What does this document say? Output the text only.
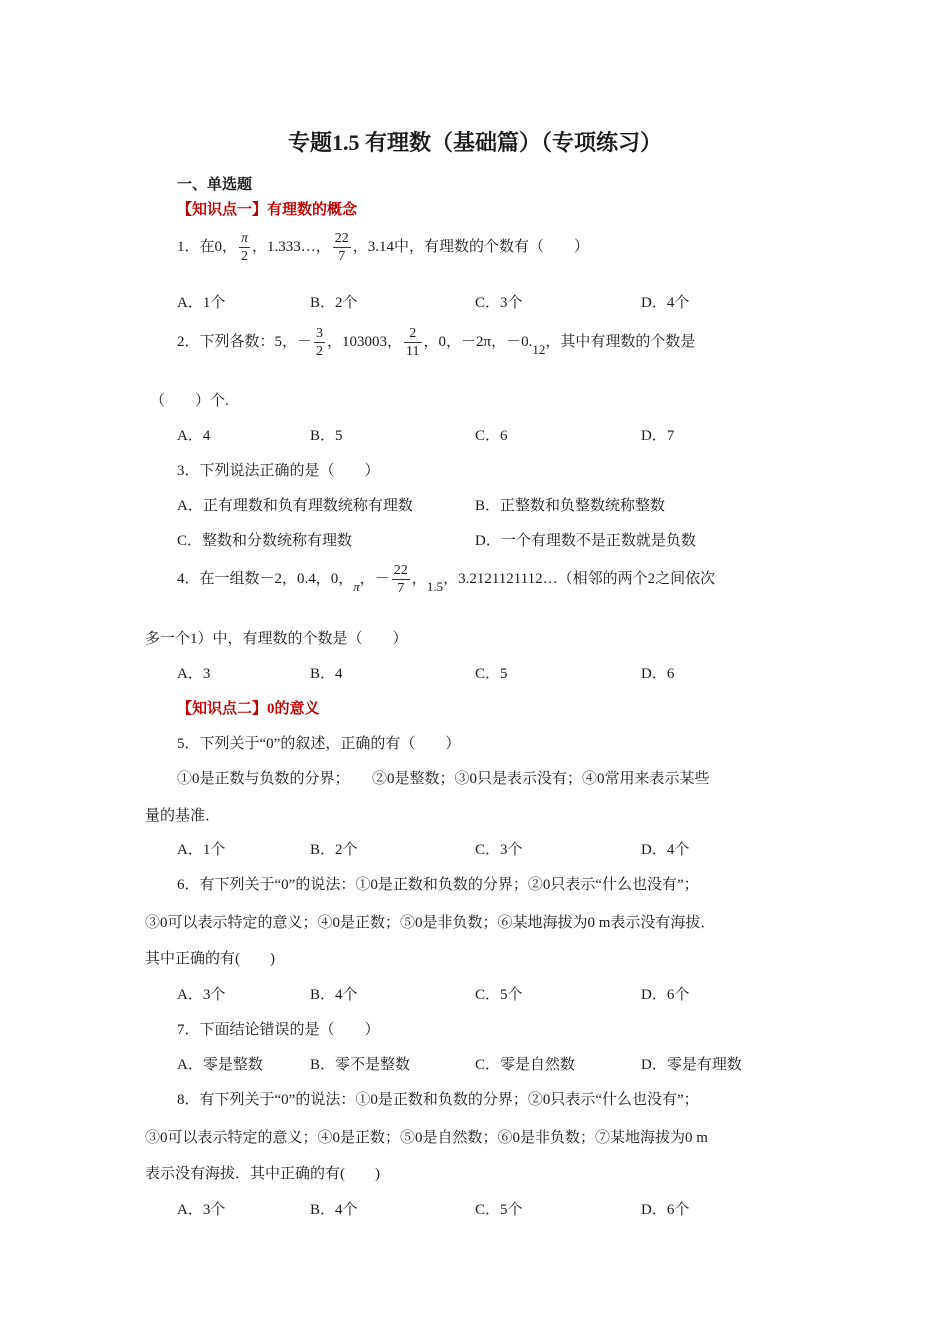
专题1.5 有理数（基础篇）（专项练习）
一、单选题
【知识点一】有理数的概念
1．在0， $\frac{\pi}{2}$ ，1.333…， $\frac{22}{7}$ ，3.14中，有理数的个数有（　　）
A．1个	B．2个	C．3个	D．4个
2．下列各数：5，－ $\frac{3}{2}$ ，103003， $\frac{2}{11}$ ，0，－2π，－0.12，其中有理数的个数是
（　　）个.
A．4	B．5	C．6	D．7
3．下列说法正确的是（　　）
A．正有理数和负有理数统称有理数	B．正整数和负整数统称整数
C．整数和分数统称有理数	D．一个有理数不是正数就是负数
4．在一组数－2，0.4，0，π，－ $\frac{22}{7}$ ，1.5，3.2121121112…（相邻的两个2之间依次
多一个1）中，有理数的个数是（　　）
A．3	B．4	C．5	D．6
【知识点二】0的意义
5．下列关于“0”的叙述，正确的有（　　）
①0是正数与负数的分界；　　②0是整数；③0只是表示没有；④0常用来表示某些
量的基准．
A．1个	B．2个	C．3个	D．4个
6．有下列关于“0”的说法：①0是正数和负数的分界；②0只表示“什么也没有”；
③0可以表示特定的意义；④0是正数；⑤0是非负数；⑥某地海拔为0 m表示没有海拔．
其中正确的有(　　)
A．3个	B．4个	C．5个	D．6个
7．下面结论错误的是（　　）
A．零是整数	B．零不是整数	C．零是自然数	D．零是有理数
8．有下列关于“0”的说法：①0是正数和负数的分界；②0只表示“什么也没有”；
③0可以表示特定的意义；④0是正数；⑤0是自然数；⑥0是非负数；⑦某地海拔为0 m
表示没有海拔．其中正确的有(　　)
A．3个	B．4个	C．5个	D．6个
